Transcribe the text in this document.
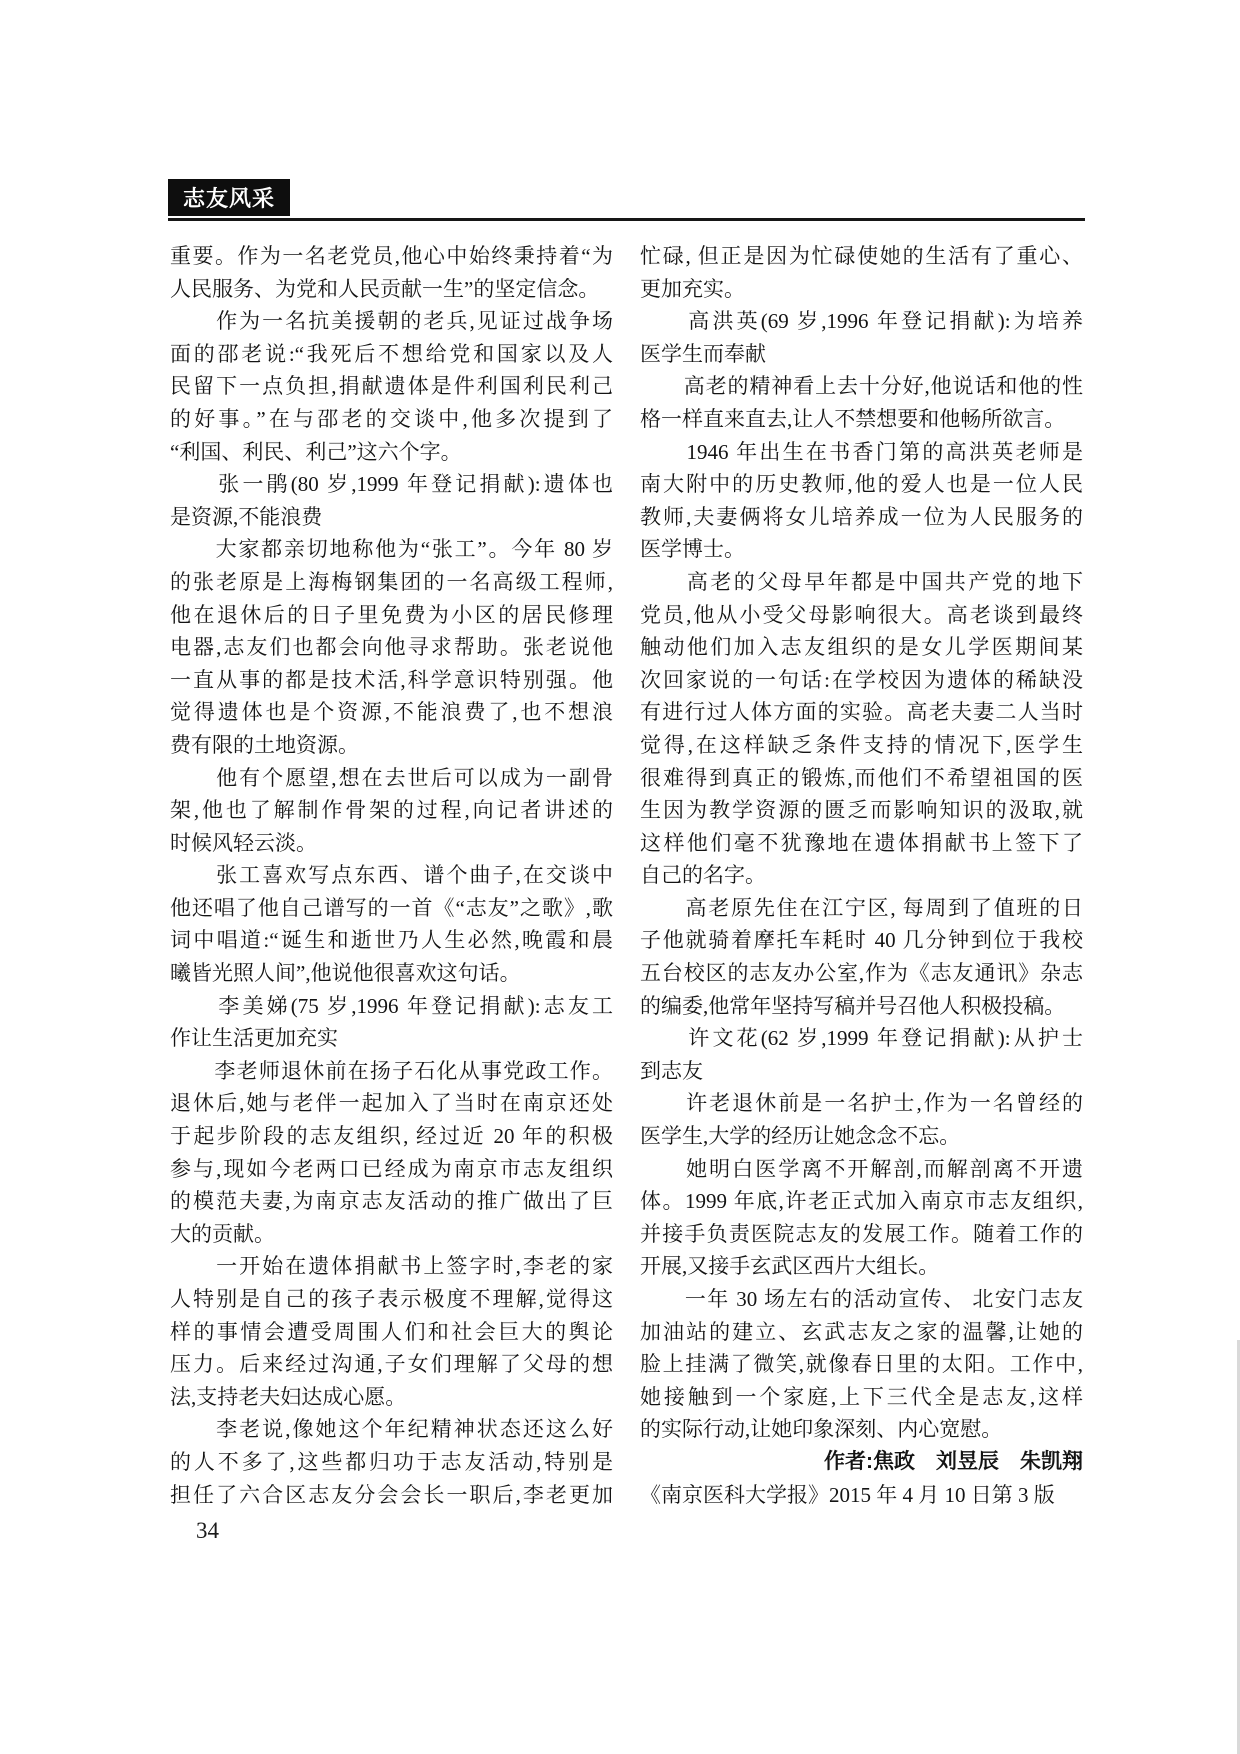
志友风采
重要。作为一名老党员,他心中始终秉持着“为
人民服务、为党和人民贡献一生”的坚定信念。
　　作为一名抗美援朝的老兵,见证过战争场
面的邵老说:“我死后不想给党和国家以及人
民留下一点负担,捐献遗体是件利国利民利己
的好事。”在与邵老的交谈中,他多次提到了
“利国、利民、利己”这六个字。
　　张一鹃(80 岁,1999 年登记捐献):遗体也
是资源,不能浪费
　　大家都亲切地称他为“张工”。今年 80 岁
的张老原是上海梅钢集团的一名高级工程师,
他在退休后的日子里免费为小区的居民修理
电器,志友们也都会向他寻求帮助。张老说他
一直从事的都是技术活,科学意识特别强。他
觉得遗体也是个资源,不能浪费了,也不想浪
费有限的土地资源。
　　他有个愿望,想在去世后可以成为一副骨
架,他也了解制作骨架的过程,向记者讲述的
时候风轻云淡。
　　张工喜欢写点东西、谱个曲子,在交谈中
他还唱了他自己谱写的一首《“志友”之歌》,歌
词中唱道:“诞生和逝世乃人生必然,晚霞和晨
曦皆光照人间”,他说他很喜欢这句话。
　　李美娣(75 岁,1996 年登记捐献):志友工
作让生活更加充实
　　李老师退休前在扬子石化从事党政工作。
退休后,她与老伴一起加入了当时在南京还处
于起步阶段的志友组织, 经过近 20 年的积极
参与,现如今老两口已经成为南京市志友组织
的模范夫妻,为南京志友活动的推广做出了巨
大的贡献。
　　一开始在遗体捐献书上签字时,李老的家
人特别是自己的孩子表示极度不理解,觉得这
样的事情会遭受周围人们和社会巨大的舆论
压力。后来经过沟通,子女们理解了父母的想
法,支持老夫妇达成心愿。
　　李老说,像她这个年纪精神状态还这么好
的人不多了,这些都归功于志友活动,特别是
担任了六合区志友分会会长一职后,李老更加
忙碌, 但正是因为忙碌使她的生活有了重心、
更加充实。
　　高洪英(69 岁,1996 年登记捐献):为培养
医学生而奉献
　　高老的精神看上去十分好,他说话和他的性
格一样直来直去,让人不禁想要和他畅所欲言。
　　1946 年出生在书香门第的高洪英老师是
南大附中的历史教师,他的爱人也是一位人民
教师,夫妻俩将女儿培养成一位为人民服务的
医学博士。
　　高老的父母早年都是中国共产党的地下
党员,他从小受父母影响很大。高老谈到最终
触动他们加入志友组织的是女儿学医期间某
次回家说的一句话:在学校因为遗体的稀缺没
有进行过人体方面的实验。高老夫妻二人当时
觉得,在这样缺乏条件支持的情况下,医学生
很难得到真正的锻炼,而他们不希望祖国的医
生因为教学资源的匮乏而影响知识的汲取,就
这样他们毫不犹豫地在遗体捐献书上签下了
自己的名字。
　　高老原先住在江宁区, 每周到了值班的日
子他就骑着摩托车耗时 40 几分钟到位于我校
五台校区的志友办公室,作为《志友通讯》杂志
的编委,他常年坚持写稿并号召他人积极投稿。
　　许文花(62 岁,1999 年登记捐献):从护士
到志友
　　许老退休前是一名护士,作为一名曾经的
医学生,大学的经历让她念念不忘。
　　她明白医学离不开解剖,而解剖离不开遗
体。1999 年底,许老正式加入南京市志友组织,
并接手负责医院志友的发展工作。随着工作的
开展,又接手玄武区西片大组长。
　　一年 30 场左右的活动宣传、 北安门志友
加油站的建立、玄武志友之家的温馨,让她的
脸上挂满了微笑,就像春日里的太阳。工作中,
她接触到一个家庭,上下三代全是志友,这样
的实际行动,让她印象深刻、内心宽慰。
作者:焦政　刘昱辰　朱凯翔
《南京医科大学报》2015 年 4 月 10 日第 3 版
34
